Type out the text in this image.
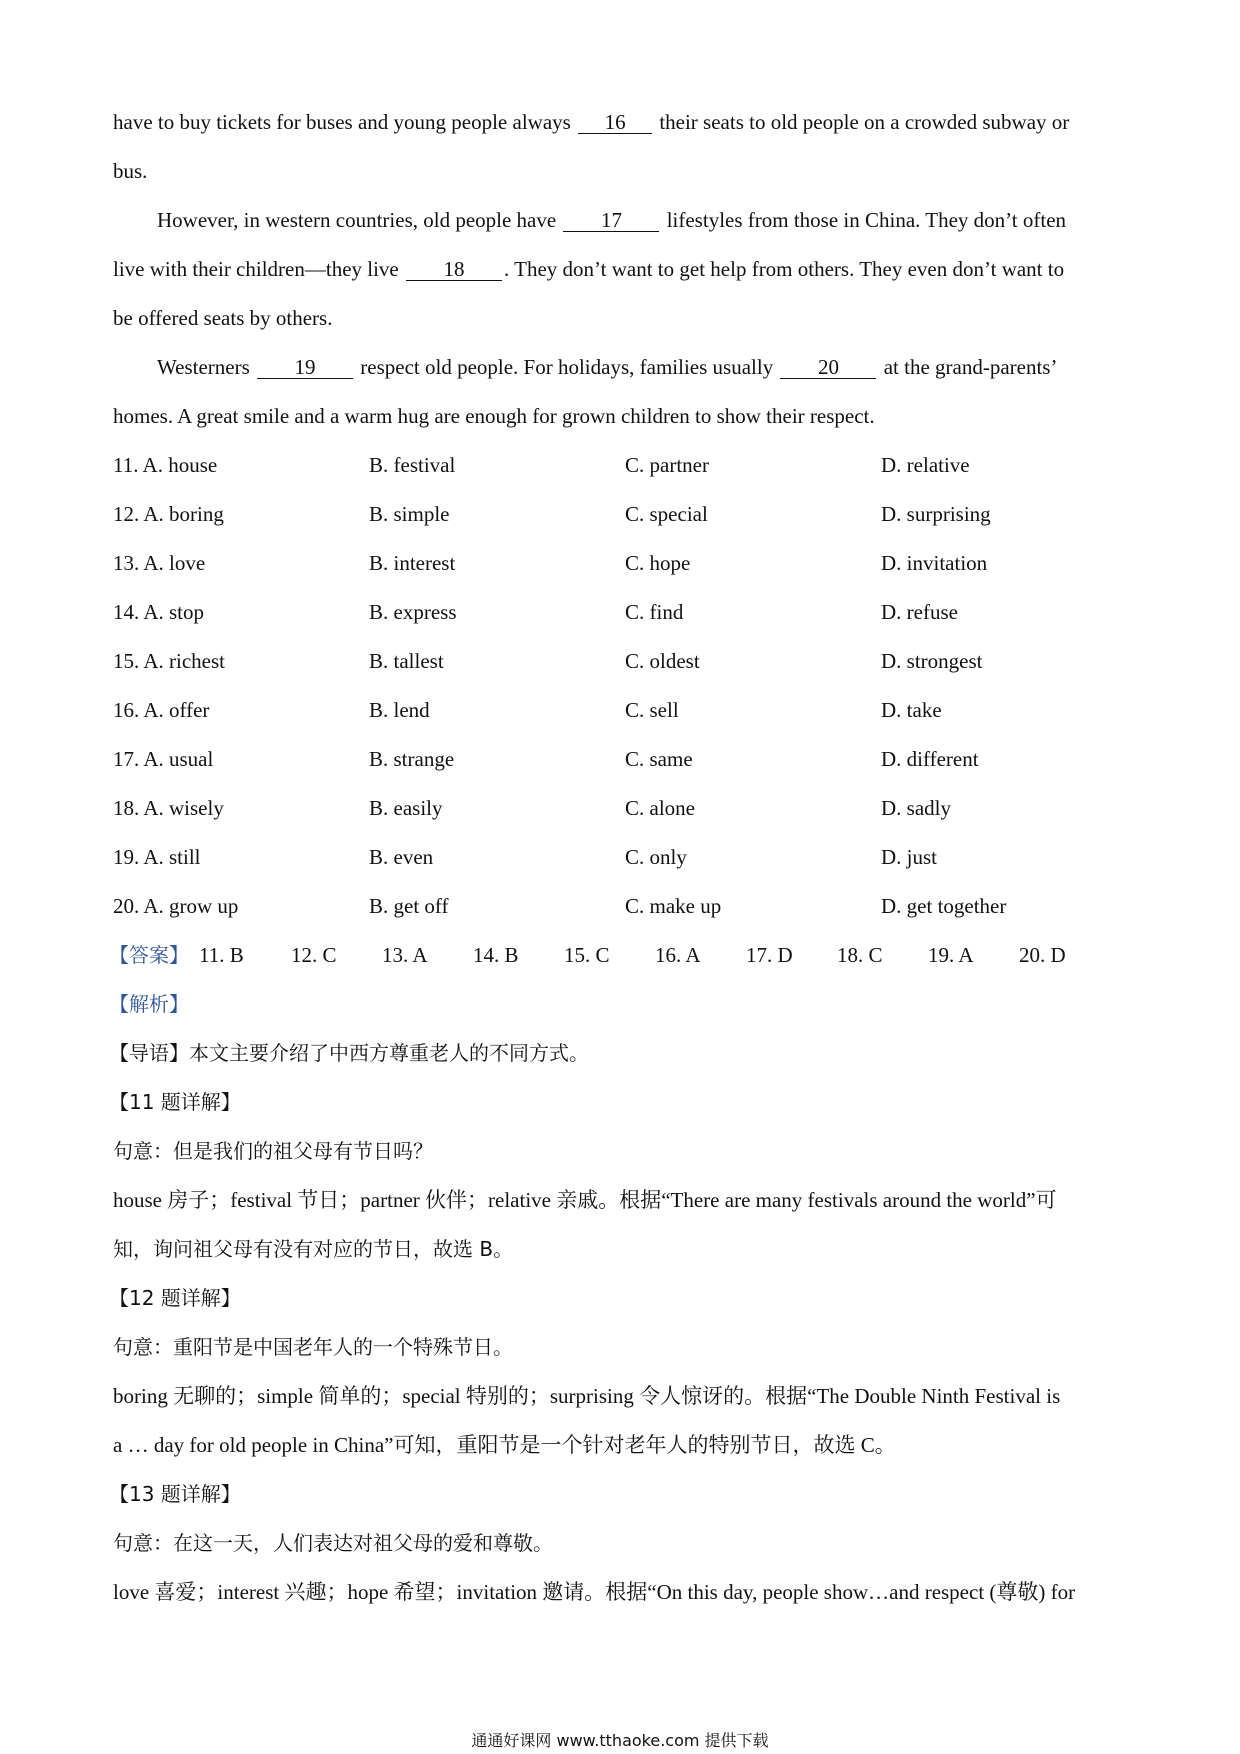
have to buy tickets for buses and young people always 16 their seats to old people on a crowded subway or
bus.
However, in western countries, old people have 17 lifestyles from those in China. They don’t often
live with their children—they live 18 . They don’t want to get help from others. They even don’t want to
be offered seats by others.
Westerners 19 respect old people. For holidays, families usually 20 at the grand-parents’
homes. A great smile and a warm hug are enough for grown children to show their respect.
11. A. house	B. festival	C. partner	D. relative
12. A. boring	B. simple	C. special	D. surprising
13. A. love	B. interest	C. hope	D. invitation
14. A. stop	B. express	C. find	D. refuse
15. A. richest	B. tallest	C. oldest	D. strongest
16. A. offer	B. lend	C. sell	D. take
17. A. usual	B. strange	C. same	D. different
18. A. wisely	B. easily	C. alone	D. sadly
19. A. still	B. even	C. only	D. just
20. A. grow up	B. get off	C. make up	D. get together
【答案】 11. B 12. C 13. A 14. B 15. C 16. A 17. D 18. C 19. A 20. D
【解析】
【导语】本文主要介绍了中西方尊重老人的不同方式。
【11 题详解】
句意：但是我们的祖父母有节日吗？
house 房子；festival 节日；partner 伙伴；relative 亲戚。根据“There are many festivals around the world”可
知，询问祖父母有没有对应的节日，故选 B。
【12 题详解】
句意：重阳节是中国老年人的一个特殊节日。
boring 无聊的；simple 简单的；special 特别的；surprising 令人惊讶的。根据“The Double Ninth Festival is
a … day for old people in China”可知，重阳节是一个针对老年人的特别节日，故选 C。
【13 题详解】
句意：在这一天，人们表达对祖父母的爱和尊敬。
love 喜爱；interest 兴趣；hope 希望；invitation 邀请。根据“On this day, people show…and respect (尊敬) for
通通好课网 www.tthaoke.com 提供下载
